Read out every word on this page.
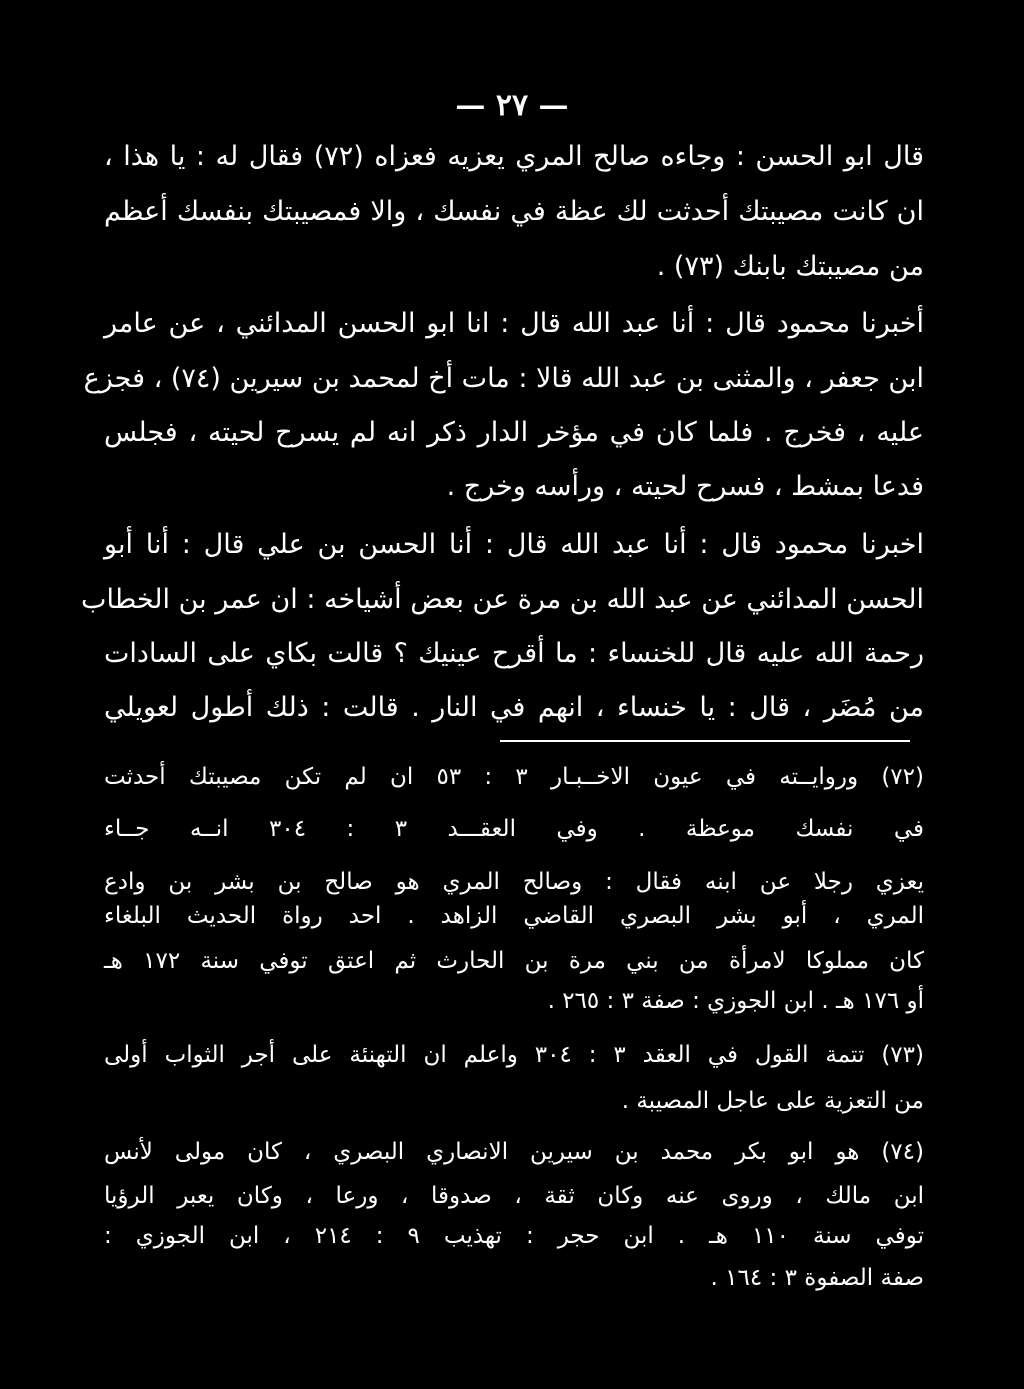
— ٢٧ —
قال ابو الحسن : وجاءه صالح المري يعزيه فعزاه (٧٢) فقال له : يا هذا ،
ان كانت مصيبتك أحدثت لك عظة في نفسك ، والا فمصيبتك بنفسك أعظم
من مصيبتك بابنك (٧٣) .
أخبرنا محمود قال : أنا عبد الله قال : انا ابو الحسن المدائني ، عن عامر
ابن جعفر ، والمثنى بن عبد الله قالا : مات أخ لمحمد بن سيرين (٧٤) ، فجزع
عليه ، فخرج . فلما كان في مؤخر الدار ذكر انه لم يسرح لحيته ، فجلس
فدعا بمشط ، فسرح لحيته ، ورأسه وخرج .
اخبرنا محمود قال : أنا عبد الله قال : أنا الحسن بن علي قال : أنا أبو
الحسن المدائني عن عبد الله بن مرة عن بعض أشياخه : ان عمر بن الخطاب
رحمة الله عليه قال للخنساء : ما أقرح عينيك ؟ قالت بكاي على السادات
من مُضَر ، قال : يا خنساء ، انهم في النار . قالت : ذلك أطول لعويلي
(٧٢) وروايــته في عيون الاخــبـار ٣ : ٥٣ ان لم تكن مصيبتك أحدثت
في نفسك موعظة . وفي العقـــد ٣ : ٣٠٤ انــه جــاء
يعزي رجلا عن ابنه فقال : وصالح المري هو صالح بن بشر بن وادع
المري ، أبو بشر البصري القاضي الزاهد . احد رواة الحديث البلغاء
كان مملوكا لامرأة من بني مرة بن الحارث ثم اعتق توفي سنة ١٧٢ هـ
أو ١٧٦ هـ . ابن الجوزي : صفة ٣ : ٢٦٥ .
(٧٣) تتمة القول في العقد ٣ : ٣٠٤ واعلم ان التهنئة على أجر الثواب أولى
من التعزية على عاجل المصيبة .
(٧٤) هو ابو بكر محمد بن سيرين الانصاري البصري ، كان مولى لأنس
ابن مالك ، وروى عنه وكان ثقة ، صدوقا ، ورعا ، وكان يعبر الرؤيا
توفي سنة ١١٠ هـ . ابن حجر : تهذيب ٩ : ٢١٤ ، ابن الجوزي :
صفة الصفوة ٣ : ١٦٤ .
